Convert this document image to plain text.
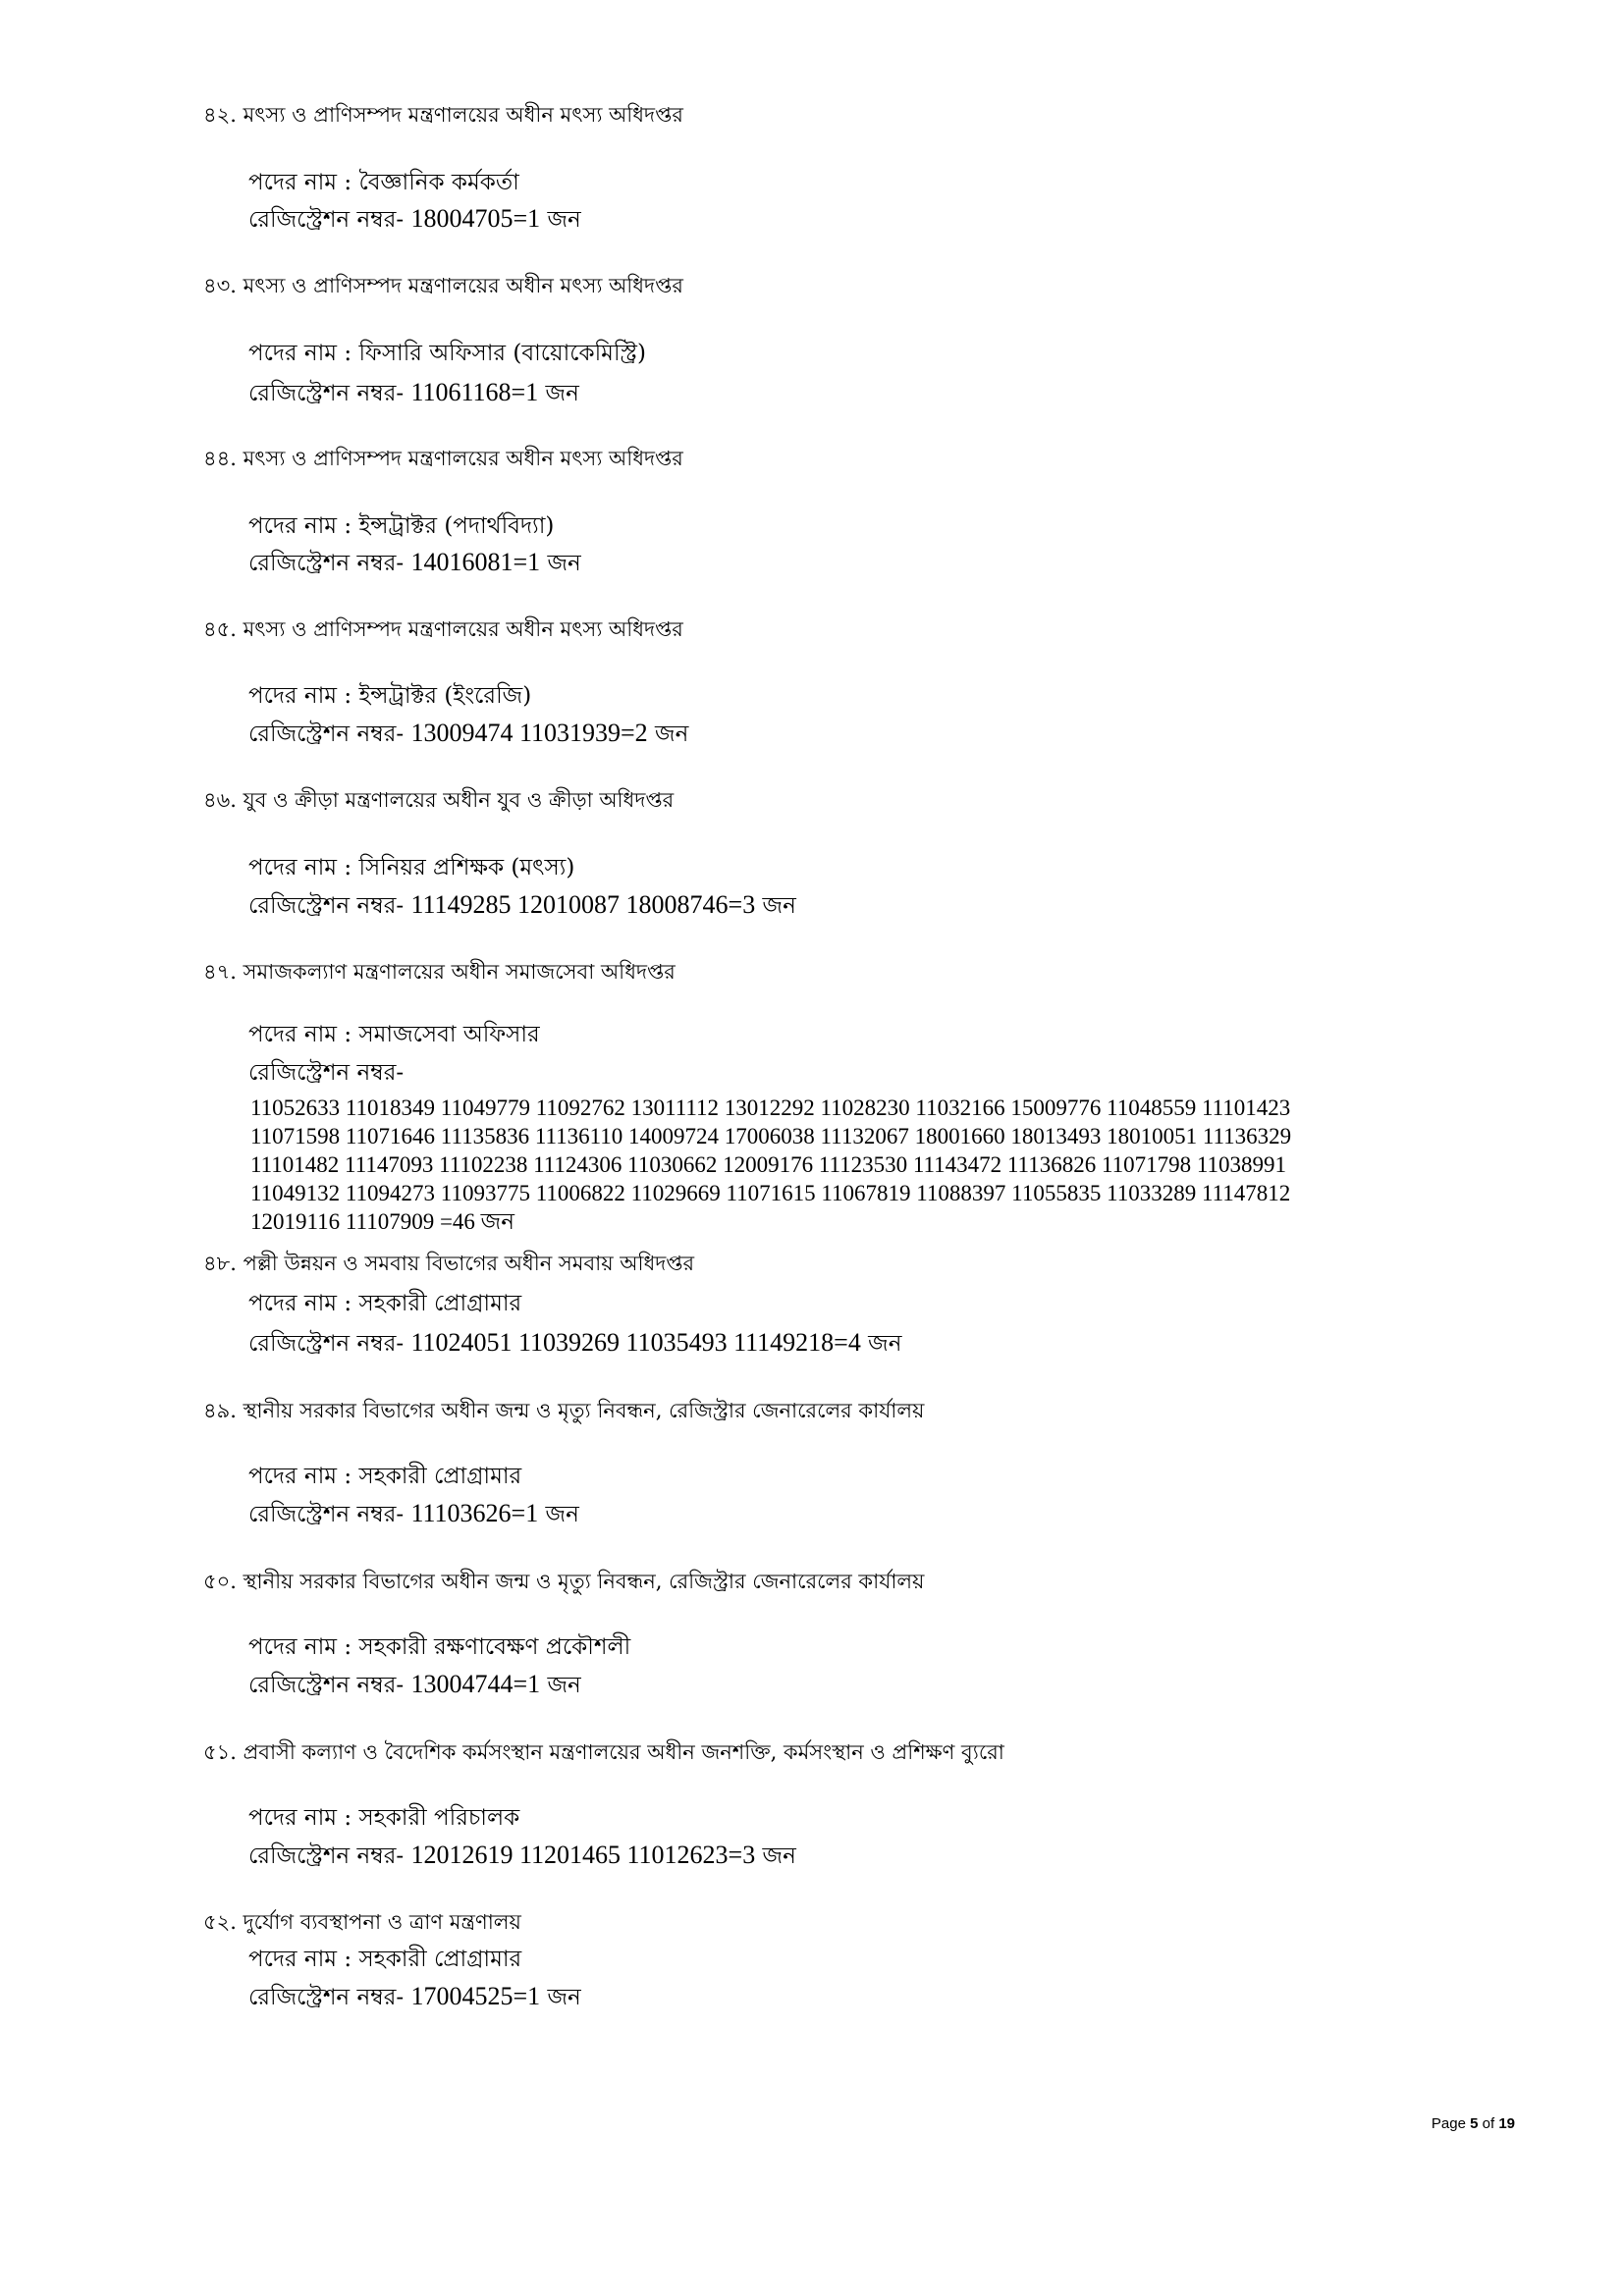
৪২. মৎস্য ও প্রাণিসম্পদ মন্ত্রণালয়ের অধীন মৎস্য অধিদপ্তর
পদের নাম : বৈজ্ঞানিক কর্মকর্তা
রেজিস্ট্রেশন নম্বর- 18004705=1 জন
৪৩. মৎস্য ও প্রাণিসম্পদ মন্ত্রণালয়ের অধীন মৎস্য অধিদপ্তর
পদের নাম : ফিসারি অফিসার (বায়োকেমিস্ট্রি)
রেজিস্ট্রেশন নম্বর- 11061168=1 জন
৪৪. মৎস্য ও প্রাণিসম্পদ মন্ত্রণালয়ের অধীন মৎস্য অধিদপ্তর
পদের নাম : ইন্সট্রাক্টর (পদার্থবিদ্যা)
রেজিস্ট্রেশন নম্বর- 14016081=1 জন
৪৫. মৎস্য ও প্রাণিসম্পদ মন্ত্রণালয়ের অধীন মৎস্য অধিদপ্তর
পদের নাম : ইন্সট্রাক্টর (ইংরেজি)
রেজিস্ট্রেশন নম্বর- 13009474 11031939=2 জন
৪৬. যুব ও ক্রীড়া মন্ত্রণালয়ের অধীন যুব ও ক্রীড়া অধিদপ্তর
পদের নাম : সিনিয়র প্রশিক্ষক (মৎস্য)
রেজিস্ট্রেশন নম্বর- 11149285 12010087 18008746=3 জন
৪৭. সমাজকল্যাণ মন্ত্রণালয়ের অধীন সমাজসেবা অধিদপ্তর
পদের নাম : সমাজসেবা অফিসার
রেজিস্ট্রেশন নম্বর-
11052633 11018349 11049779 11092762 13011112 13012292 11028230 11032166 15009776 11048559 11101423
11071598 11071646 11135836 11136110 14009724 17006038 11132067 18001660 18013493 18010051 11136329
11101482 11147093 11102238 11124306 11030662 12009176 11123530 11143472 11136826 11071798 11038991
11049132 11094273 11093775 11006822 11029669 11071615 11067819 11088397 11055835 11033289 11147812
12019116 11107909 =46 জন
৪৮. পল্লী উন্নয়ন ও সমবায় বিভাগের অধীন সমবায় অধিদপ্তর
পদের নাম : সহকারী প্রোগ্রামার
রেজিস্ট্রেশন নম্বর- 11024051 11039269 11035493 11149218=4 জন
৪৯. স্থানীয় সরকার বিভাগের অধীন জন্ম ও মৃত্যু নিবন্ধন, রেজিস্ট্রার জেনারেলের কার্যালয়
পদের নাম : সহকারী প্রোগ্রামার
রেজিস্ট্রেশন নম্বর- 11103626=1 জন
৫০. স্থানীয় সরকার বিভাগের অধীন জন্ম ও মৃত্যু নিবন্ধন, রেজিস্ট্রার জেনারেলের কার্যালয়
পদের নাম : সহকারী রক্ষণাবেক্ষণ প্রকৌশলী
রেজিস্ট্রেশন নম্বর- 13004744=1 জন
৫১. প্রবাসী কল্যাণ ও বৈদেশিক কর্মসংস্থান মন্ত্রণালয়ের অধীন জনশক্তি, কর্মসংস্থান ও প্রশিক্ষণ ব্যুরো
পদের নাম : সহকারী পরিচালক
রেজিস্ট্রেশন নম্বর- 12012619 11201465 11012623=3 জন
৫২. দুর্যোগ ব্যবস্থাপনা ও ত্রাণ মন্ত্রণালয়
পদের নাম : সহকারী প্রোগ্রামার
রেজিস্ট্রেশন নম্বর- 17004525=1 জন
Page 5 of 19
